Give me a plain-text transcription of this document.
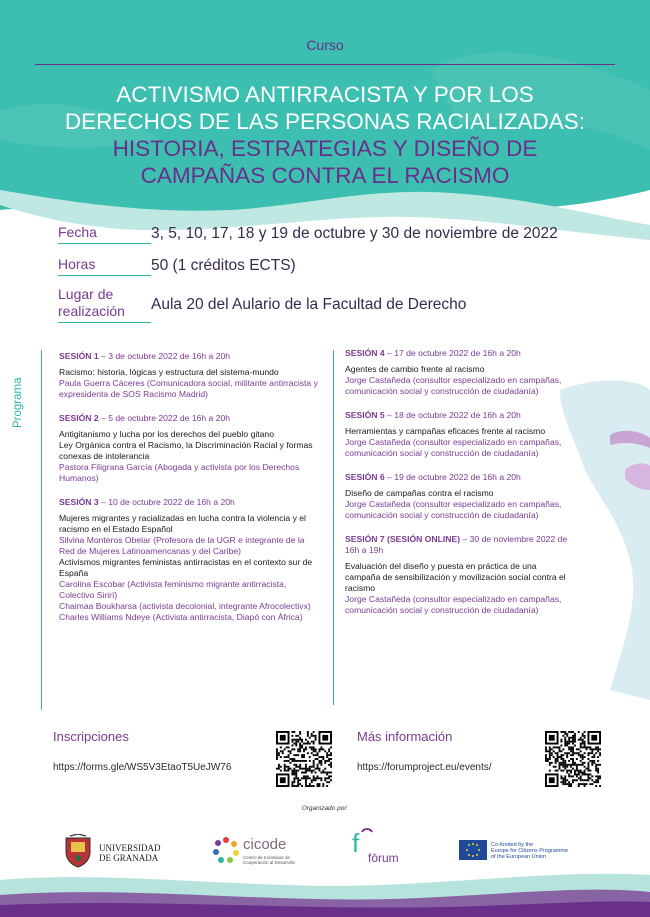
Curso
ACTIVISMO ANTIRRACISTA Y POR LOS
DERECHOS DE LAS PERSONAS RACIALIZADAS:
HISTORIA, ESTRATEGIAS Y DISEÑO DE
CAMPAÑAS CONTRA EL RACISMO
Fecha	3, 5, 10, 17, 18 y 19 de octubre y 30 de noviembre de 2022
Horas	50 (1 créditos ECTS)
Lugar de
realización	Aula 20 del Aulario de la Facultad de Derecho
Programa
SESIÓN 1 – 3 de octubre 2022 de 16h a 20h
Racismo: historia, lógicas y estructura del sistema-mundo
Paula Guerra Cáceres (Comunicadora social, militante antirracista y expresidenta de SOS Racismo Madrid)
SESIÓN 2 – 5 de octubre 2022 de 16h a 20h
Antigitanismo y lucha por los derechos del pueblo gitano
Ley Orgánica contra el Racismo, la Discriminación Racial y formas conexas de intolerancia
Pastora Filigrana García (Abogada y activista por los Derechos Humanos)
SESIÓN 3 – 10 de octubre 2022 de 16h a 20h
Mujeres migrantes y racializadas en lucha contra la violencia y el racismo en el Estado Español
Silvina Monteros Obelar (Profesora de la UGR e integrante de la Red de Mujeres Latinoamericanas y del Caribe)
Activismos migrantes feministas antirracistas en el contexto sur de España
Carolina Escobar (Activista feminismo migrante antirracista, Colectivo Sirirí)
Chaimaa Boukharsa (activista decolonial, integrante Afrocolectivx)
Charles Williams Ndeye (Activista antirracista, Diapó con África)
SESIÓN 4 – 17 de octubre 2022 de 16h a 20h
Agentes de cambio frente al racismo
Jorge Castañeda (consultor especializado en campañas, comunicación social y construcción de ciudadanía)
SESIÓN 5 – 18 de octubre 2022 de 16h a 20h
Herramientas y campañas eficaces frente al racismo
Jorge Castañeda (consultor especializado en campañas, comunicación social y construcción de ciudadanía)
SESIÓN 6 – 19 de octubre 2022 de 16h a 20h
Diseño de campañas contra el racismo
Jorge Castañeda (consultor especializado en campañas, comunicación social y construcción de ciudadanía)
SESIÓN 7 (SESIÓN ONLINE) – 30 de noviembre 2022 de 16h a 19h
Evaluación del diseño y puesta en práctica de una campaña de sensibilización y movilización social contra el racismo
Jorge Castañeda (consultor especializado en campañas, comunicación social y construcción de ciudadanía)
Inscripciones
https://forms.gle/WS5V3EtaoT5UeJW76
Más información
https://forumproject.eu/events/
Organizado por:
UNIVERSIDAD
DE GRANADA
cicode
Centro de Iniciativas de
Cooperación al Desarrollo
f fōrum
Co-funded by the
Europe for Citizens Programme
of the European Union
